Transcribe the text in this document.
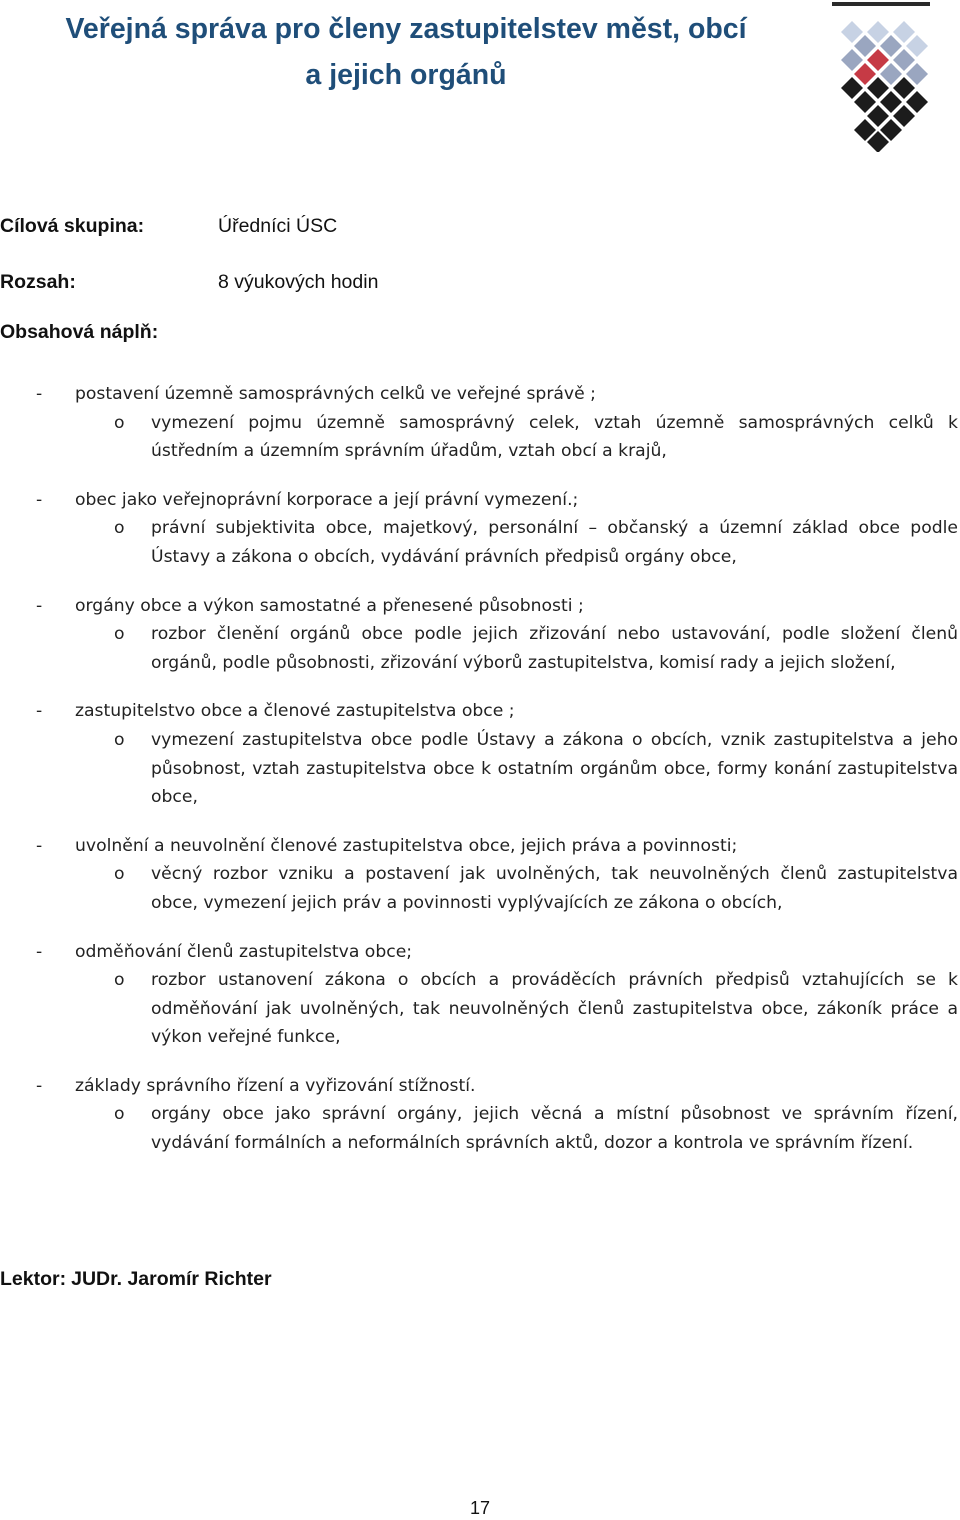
Veřejná správa pro členy zastupitelstev měst, obcí
a jejich orgánů
Cílová skupina:	Úředníci ÚSC
Rozsah:	8 výukových hodin
Obsahová náplň:
postavení územně samosprávných celků ve veřejné správě ;
-
o vymezení pojmu územně samosprávný celek, vztah územně samosprávných celků k ústředním a územním správním úřadům, vztah obcí a krajů,
obec jako veřejnoprávní korporace a její právní vymezení.;
-
o právní subjektivita obce, majetkový, personální – občanský a územní základ obce podle Ústavy a zákona o obcích, vydávání právních předpisů orgány obce,
orgány obce a výkon samostatné a přenesené působnosti ;
-
o rozbor členění orgánů obce podle jejich zřizování nebo ustavování, podle složení členů orgánů, podle působnosti, zřizování výborů zastupitelstva, komisí rady a jejich složení,
zastupitelstvo obce a členové zastupitelstva obce ;
-
o vymezení zastupitelstva obce podle Ústavy a zákona o obcích, vznik zastupitelstva a jeho působnost, vztah zastupitelstva obce k ostatním orgánům obce, formy konání zastupitelstva obce,
uvolnění a neuvolnění členové zastupitelstva obce, jejich práva a povinnosti;
-
o věcný rozbor vzniku a postavení jak uvolněných, tak neuvolněných členů zastupitelstva obce, vymezení jejich práv a povinnosti vyplývajících ze zákona o obcích,
odměňování členů zastupitelstva obce;
-
o rozbor ustanovení zákona o obcích a prováděcích právních předpisů vztahujících se k odměňování jak uvolněných, tak neuvolněných členů zastupitelstva obce, zákoník práce a výkon veřejné funkce,
základy správního řízení a vyřizování stížností.
-
o orgány obce jako správní orgány, jejich věcná a místní působnost ve správním řízení, vydávání formálních a neformálních správních aktů, dozor a kontrola ve správním řízení.
Lektor: JUDr. Jaromír Richter
17
